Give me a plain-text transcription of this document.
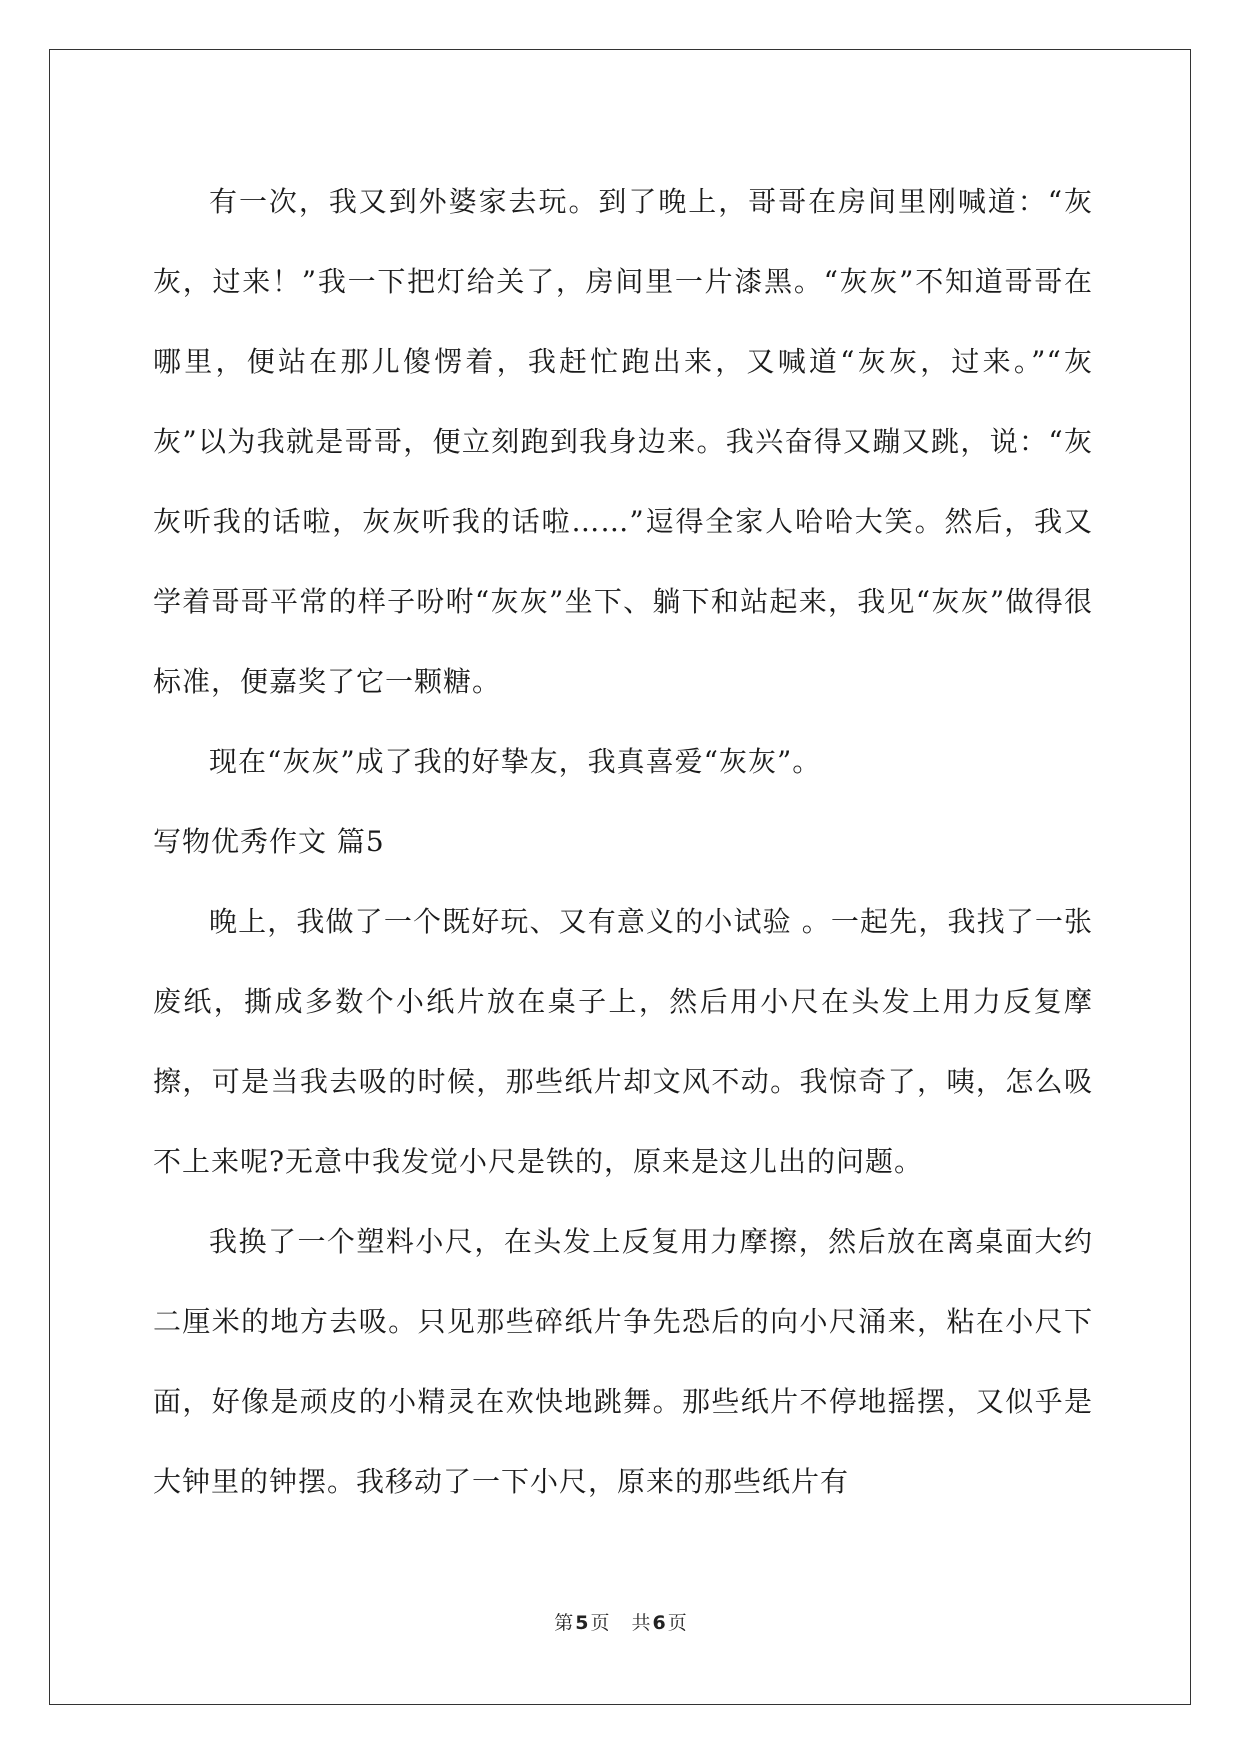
有一次，我又到外婆家去玩。到了晚上，哥哥在房间里刚喊道：“灰灰，过来！”我一下把灯给关了，房间里一片漆黑。“灰灰”不知道哥哥在哪里，便站在那儿傻愣着，我赶忙跑出来，又喊道“灰灰，过来。”“灰灰”以为我就是哥哥，便立刻跑到我身边来。我兴奋得又蹦又跳，说：“灰灰听我的话啦，灰灰听我的话啦……”逗得全家人哈哈大笑。然后，我又学着哥哥平常的样子吩咐“灰灰”坐下、躺下和站起来，我见“灰灰”做得很标准，便嘉奖了它一颗糖。

现在“灰灰”成了我的好挚友，我真喜爱“灰灰”。

写物优秀作文 篇5

晚上，我做了一个既好玩、又有意义的小试验 。一起先，我找了一张废纸，撕成多数个小纸片放在桌子上，然后用小尺在头发上用力反复摩擦，可是当我去吸的时候，那些纸片却文风不动。我惊奇了，咦，怎么吸不上来呢?无意中我发觉小尺是铁的，原来是这儿出的问题。

我换了一个塑料小尺，在头发上反复用力摩擦，然后放在离桌面大约二厘米的地方去吸。只见那些碎纸片争先恐后的向小尺涌来，粘在小尺下面，好像是顽皮的小精灵在欢快地跳舞。那些纸片不停地摇摆，又似乎是大钟里的钟摆。我移动了一下小尺，原来的那些纸片有

第 5 页 共 6 页
